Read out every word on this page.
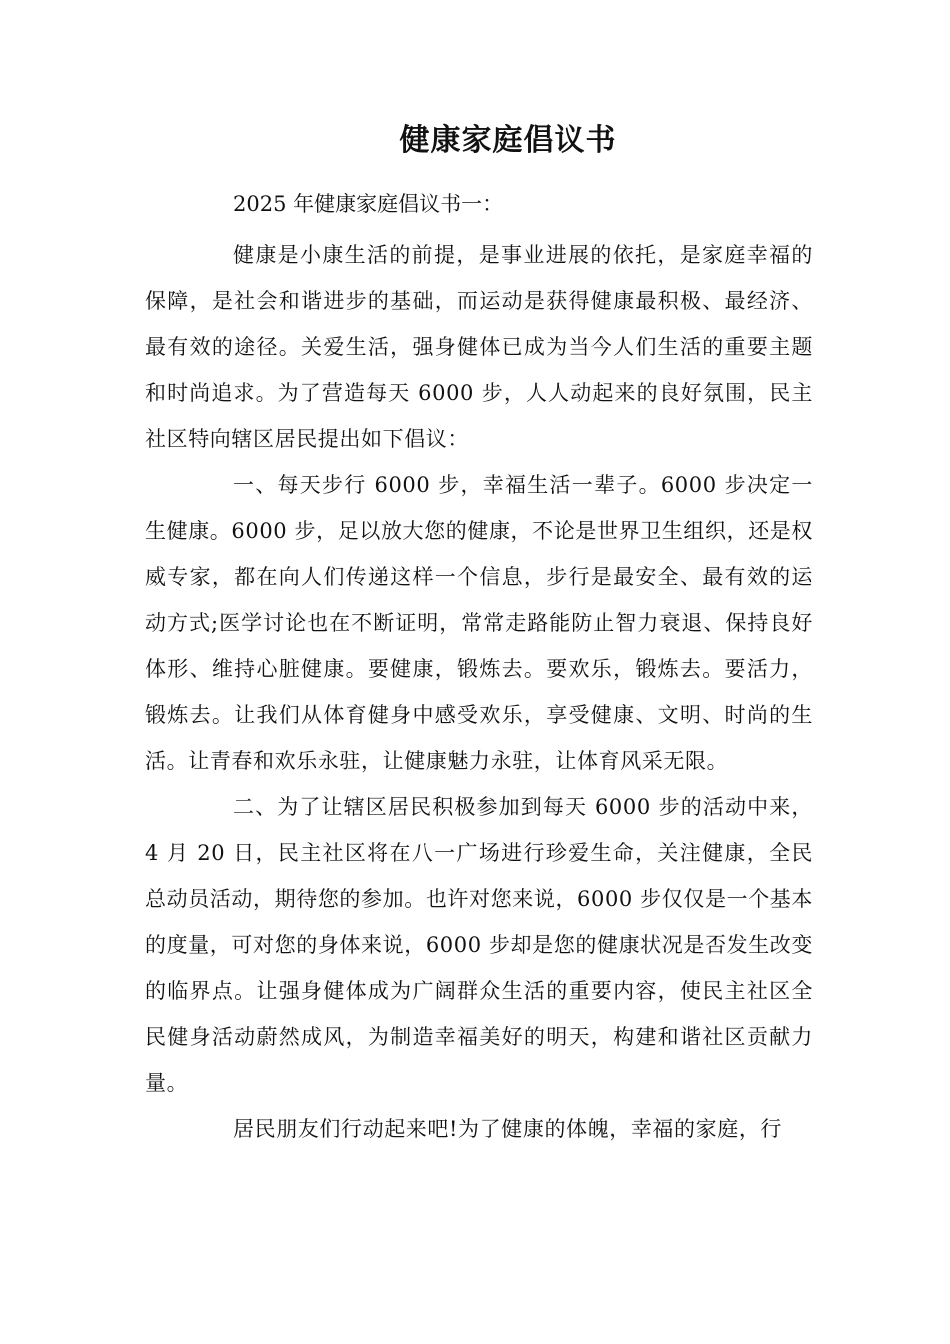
健康家庭倡议书

2025 年健康家庭倡议书一：

健康是小康生活的前提，是事业进展的依托，是家庭幸福的保障，是社会和谐进步的基础，而运动是获得健康最积极、最经济、最有效的途径。关爱生活，强身健体已成为当今人们生活的重要主题和时尚追求。为了营造每天 6000 步，人人动起来的良好氛围，民主社区特向辖区居民提出如下倡议：

一、每天步行 6000 步，幸福生活一辈子。6000 步决定一生健康。6000 步，足以放大您的健康，不论是世界卫生组织，还是权威专家，都在向人们传递这样一个信息，步行是最安全、最有效的运动方式;医学讨论也在不断证明，常常走路能防止智力衰退、保持良好体形、维持心脏健康。要健康，锻炼去。要欢乐，锻炼去。要活力，锻炼去。让我们从体育健身中感受欢乐，享受健康、文明、时尚的生活。让青春和欢乐永驻，让健康魅力永驻，让体育风采无限。

二、为了让辖区居民积极参加到每天 6000 步的活动中来，4 月 20 日，民主社区将在八一广场进行珍爱生命，关注健康，全民总动员活动，期待您的参加。也许对您来说，6000 步仅仅是一个基本的度量，可对您的身体来说，6000 步却是您的健康状况是否发生改变的临界点。让强身健体成为广阔群众生活的重要内容，使民主社区全民健身活动蔚然成风，为制造幸福美好的明天，构建和谐社区贡献力量。

居民朋友们行动起来吧!为了健康的体魄，幸福的家庭，行
